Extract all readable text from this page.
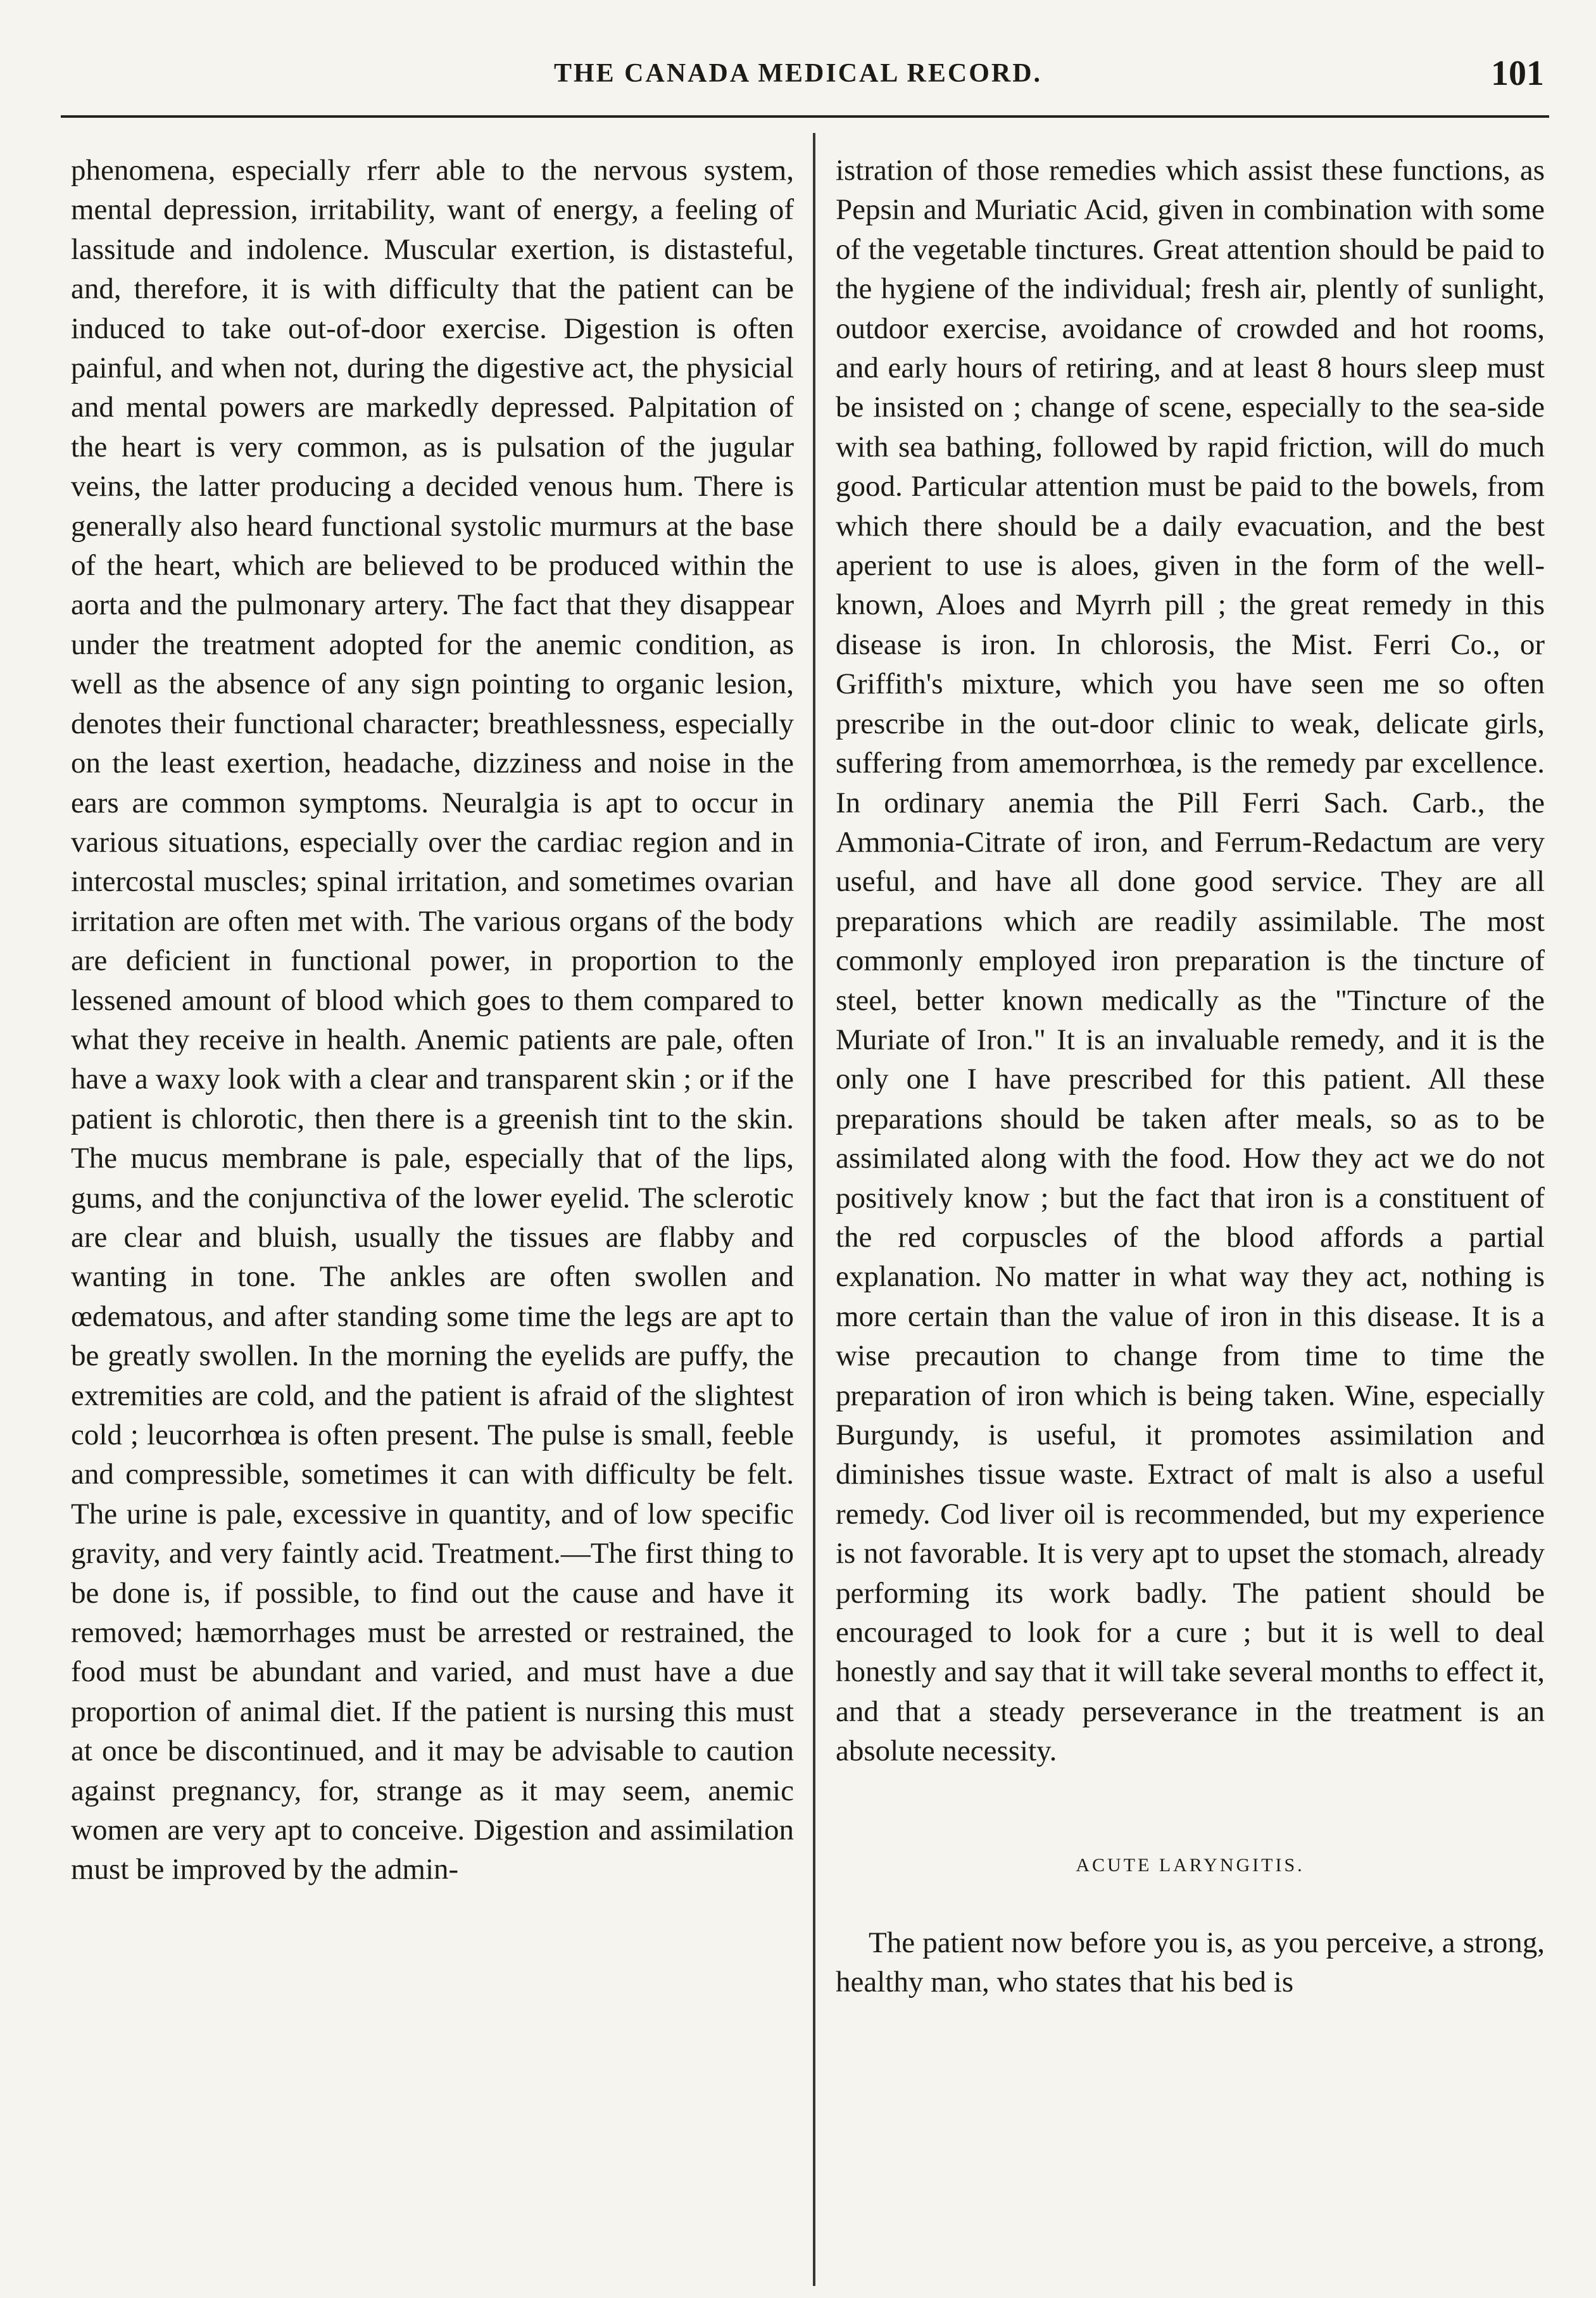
THE CANADA MEDICAL RECORD.	101

phenomena, especially rferr able to the nervous system, mental depression, irritability, want of energy, a feeling of lassitude and indolence. Muscular exertion, is distasteful, and, therefore, it is with difficulty that the patient can be induced to take out-of-door exercise. Digestion is often painful, and when not, during the digestive act, the physicial and mental powers are markedly depressed. Palpitation of the heart is very common, as is pulsation of the jugular veins, the latter producing a decided venous hum. There is generally also heard functional systolic murmurs at the base of the heart, which are believed to be produced within the aorta and the pulmonary artery. The fact that they disappear under the treatment adopted for the anemic condition, as well as the absence of any sign pointing to organic lesion, denotes their functional character; breathlessness, especially on the least exertion, headache, dizziness and noise in the ears are common symptoms. Neuralgia is apt to occur in various situations, especially over the cardiac region and in intercostal muscles; spinal irritation, and sometimes ovarian irritation are often met with. The various organs of the body are deficient in functional power, in proportion to the lessened amount of blood which goes to them compared to what they receive in health. Anemic patients are pale, often have a waxy look with a clear and transparent skin ; or if the patient is chlorotic, then there is a greenish tint to the skin. The mucus membrane is pale, especially that of the lips, gums, and the conjunctiva of the lower eyelid. The sclerotic are clear and bluish, usually the tissues are flabby and wanting in tone. The ankles are often swollen and œdematous, and after standing some time the legs are apt to be greatly swollen. In the morning the eyelids are puffy, the extremities are cold, and the patient is afraid of the slightest cold ; leucorrhœa is often present. The pulse is small, feeble and compressible, sometimes it can with difficulty be felt. The urine is pale, excessive in quantity, and of low specific gravity, and very faintly acid. Treatment.—The first thing to be done is, if possible, to find out the cause and have it removed; hæmorrhages must be arrested or restrained, the food must be abundant and varied, and must have a due proportion of animal diet. If the patient is nursing this must at once be discontinued, and it may be advisable to caution against pregnancy, for, strange as it may seem, anemic women are very apt to conceive. Digestion and assimilation must be improved by the admin-

istration of those remedies which assist these functions, as Pepsin and Muriatic Acid, given in combination with some of the vegetable tinctures. Great attention should be paid to the hygiene of the individual; fresh air, plently of sunlight, outdoor exercise, avoidance of crowded and hot rooms, and early hours of retiring, and at least 8 hours sleep must be insisted on ; change of scene, especially to the sea-side with sea bathing, followed by rapid friction, will do much good. Particular attention must be paid to the bowels, from which there should be a daily evacuation, and the best aperient to use is aloes, given in the form of the well-known, Aloes and Myrrh pill ; the great remedy in this disease is iron. In chlorosis, the Mist. Ferri Co., or Griffith's mixture, which you have seen me so often prescribe in the out-door clinic to weak, delicate girls, suffering from amemorrhœa, is the remedy par excellence. In ordinary anemia the Pill Ferri Sach. Carb., the Ammonia-Citrate of iron, and Ferrum-Redactum are very useful, and have all done good service. They are all preparations which are readily assimilable. The most commonly employed iron preparation is the tincture of steel, better known medically as the "Tincture of the Muriate of Iron." It is an invaluable remedy, and it is the only one I have prescribed for this patient. All these preparations should be taken after meals, so as to be assimilated along with the food. How they act we do not positively know ; but the fact that iron is a constituent of the red corpuscles of the blood affords a partial explanation. No matter in what way they act, nothing is more certain than the value of iron in this disease. It is a wise precaution to change from time to time the preparation of iron which is being taken. Wine, especially Burgundy, is useful, it promotes assimilation and diminishes tissue waste. Extract of malt is also a useful remedy. Cod liver oil is recommended, but my experience is not favorable. It is very apt to upset the stomach, already performing its work badly. The patient should be encouraged to look for a cure ; but it is well to deal honestly and say that it will take several months to effect it, and that a steady perseverance in the treatment is an absolute necessity.

ACUTE LARYNGITIS.

The patient now before you is, as you perceive, a strong, healthy man, who states that his bed is
